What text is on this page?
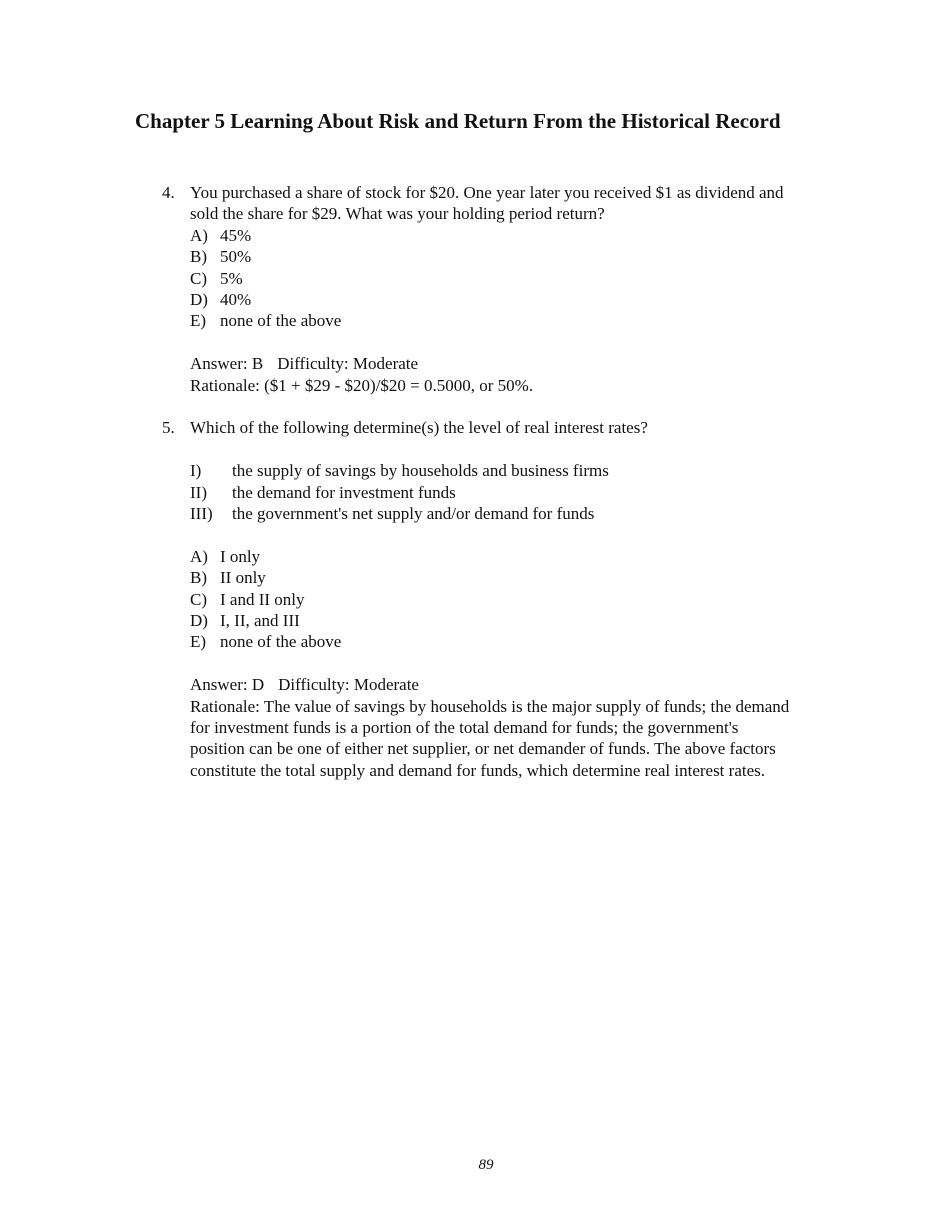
Chapter 5 Learning About Risk and Return From the Historical Record
4. You purchased a share of stock for $20. One year later you received $1 as dividend and
sold the share for $29. What was your holding period return?
A) 45%
B) 50%
C) 5%
D) 40%
E) none of the above
Answer: B Difficulty: Moderate
Rationale: ($1 + $29 - $20)/$20 = 0.5000, or 50%.
5. Which of the following determine(s) the level of real interest rates?
I)	the supply of savings by households and business firms
II)	the demand for investment funds
III)	the government's net supply and/or demand for funds
A) I only
B) II only
C) I and II only
D) I, II, and III
E) none of the above
Answer: D Difficulty: Moderate
Rationale: The value of savings by households is the major supply of funds; the demand
for investment funds is a portion of the total demand for funds; the government's
position can be one of either net supplier, or net demander of funds. The above factors
constitute the total supply and demand for funds, which determine real interest rates.
89
